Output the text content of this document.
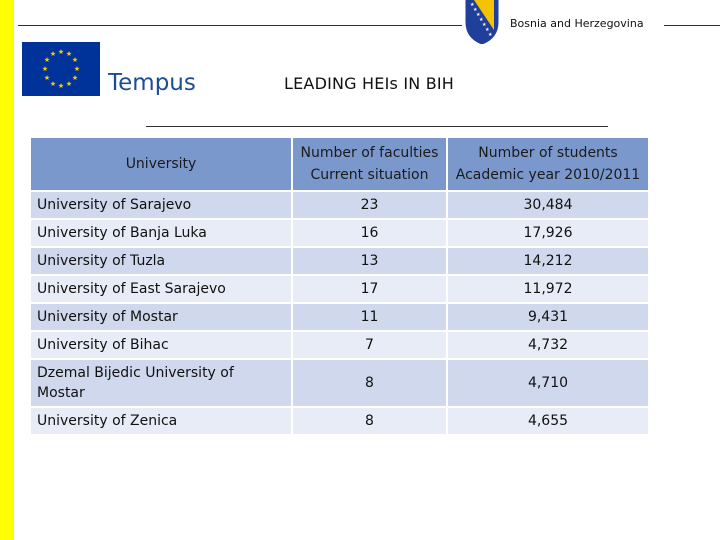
★
★
★
★
★
★
★
Bosnia and Herzegovina
★ ★
★
★
★
★
★
★
★
★
★
★
Tempus	LEADING HEIs IN BIH
University	Number of faculties Current situation	Number of students Academic year 2010/2011
University of Sarajevo	23	30,484
University of Banja Luka	16	17,926
University of Tuzla	13	14,212
University of East Sarajevo	17	11,972
University of Mostar	11	9,431
University of Bihac	7	4,732
Dzemal Bijedic University of Mostar	8	4,710
University of Zenica	8	4,655
